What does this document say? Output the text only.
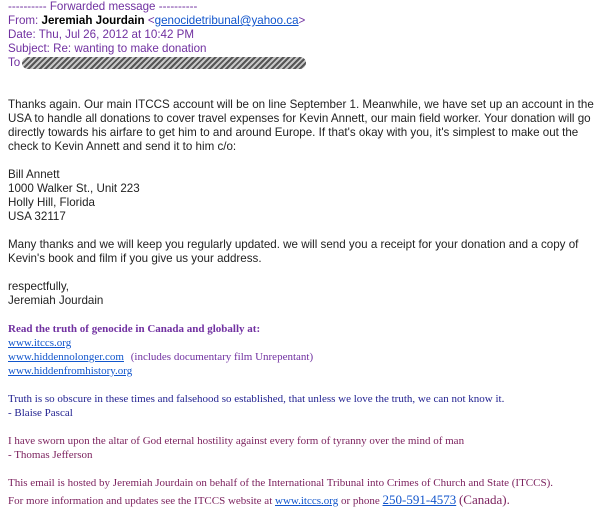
---------- Forwarded message ----------
From: Jeremiah Jourdain <genocidetribunal@yahoo.ca>
Date: Thu, Jul 26, 2012 at 10:42 PM
Subject: Re: wanting to make donation
To
Thanks again. Our main ITCCS account will be on line September 1. Meanwhile, we have set up an account in the USA to handle all donations to cover travel expenses for Kevin Annett, our main field worker. Your donation will go directly towards his airfare to get him to and around Europe. If that's okay with you, it's simplest to make out the check to Kevin Annett and send it to him c/o:
Bill Annett
1000 Walker St., Unit 223
Holly Hill, Florida
USA 32117
Many thanks and we will keep you regularly updated. we will send you a receipt for your donation and a copy of Kevin's book and film if you give us your address.
respectfully,
Jeremiah Jourdain
Read the truth of genocide in Canada and globally at:
www.itccs.org
www.hiddennolonger.com (includes documentary film Unrepentant)
www.hiddenfromhistory.org
Truth is so obscure in these times and falsehood so established, that unless we love the truth, we can not know it.
- Blaise Pascal
I have sworn upon the altar of God eternal hostility against every form of tyranny over the mind of man
- Thomas Jefferson
This email is hosted by Jeremiah Jourdain on behalf of the International Tribunal into Crimes of Church and State (ITCCS).
For more information and updates see the ITCCS website at www.itccs.org or phone 250-591-4573 (Canada).
